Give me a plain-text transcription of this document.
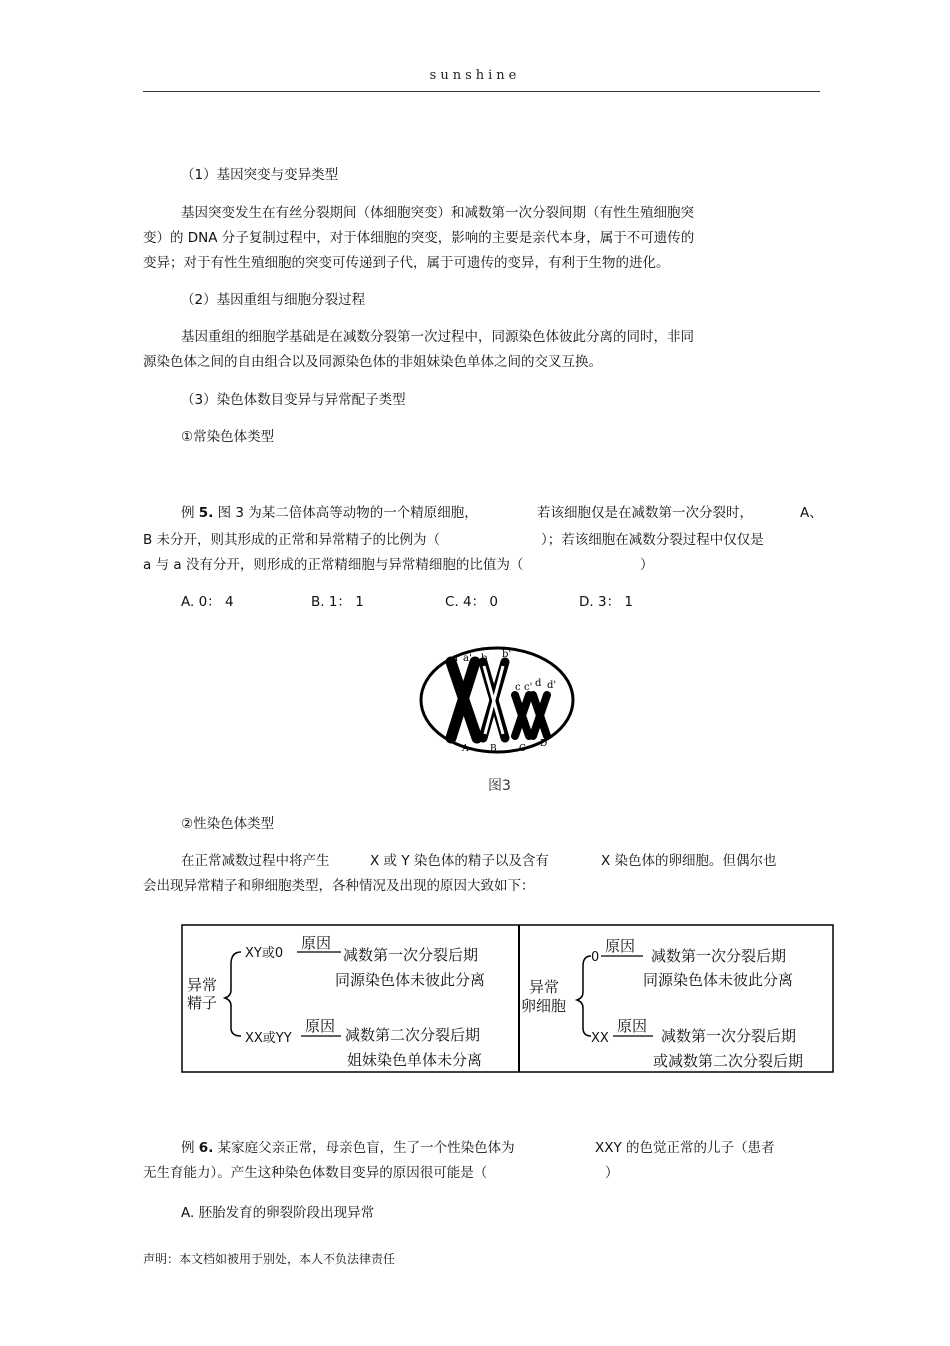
sunshine
（1）基因突变与变异类型
基因突变发生在有丝分裂期间（体细胞突变）和减数第一次分裂间期（有性生殖细胞突
变）的 DNA 分子复制过程中，对于体细胞的突变，影响的主要是亲代本身，属于不可遗传的
变异；对于有性生殖细胞的突变可传递到子代，属于可遗传的变异，有利于生物的进化。
（2）基因重组与细胞分裂过程
基因重组的细胞学基础是在减数分裂第一次过程中，同源染色体彼此分离的同时，非同
源染色体之间的自由组合以及同源染色体的非姐妹染色单体之间的交叉互换。
（3）染色体数目变异与异常配子类型
①常染色体类型
例 5. 图 3 为某二倍体高等动物的一个精原细胞，	若该细胞仅是在减数第一次分裂时，	A、
B 未分开，则其形成的正常和异常精子的比例为（	）；若该细胞在减数分裂过程中仅仅是
a 与 a 没有分开，则形成的正常精细胞与异常精细胞的比值为（	）
A. 0： 4	B. 1： 1	C. 4： 0	D. 3： 1
a a' b b'
c c' d d'
A B C D
图3
②性染色体类型
在正常减数过程中将产生	X 或 Y 染色体的精子以及含有	X 染色体的卵细胞。但偶尔也
会出现异常精子和卵细胞类型，各种情况及出现的原因大致如下：
异常
精子
XY或0
原因
减数第一次分裂后期
同源染色体未彼此分离
XX或YY
原因 减数第二次分裂后期
姐妹染色单体未分离
异常
卵细胞
0
原因
减数第一次分裂后期
同源染色体未彼此分离
XX
原因
减数第一次分裂后期
或减数第二次分裂后期
例 6. 某家庭父亲正常，母亲色盲，生了一个性染色体为	XXY 的色觉正常的儿子（患者
无生育能力）。产生这种染色体数目变异的原因很可能是（	）
A. 胚胎发育的卵裂阶段出现异常
声明：本文档如被用于别处，本人不负法律责任
